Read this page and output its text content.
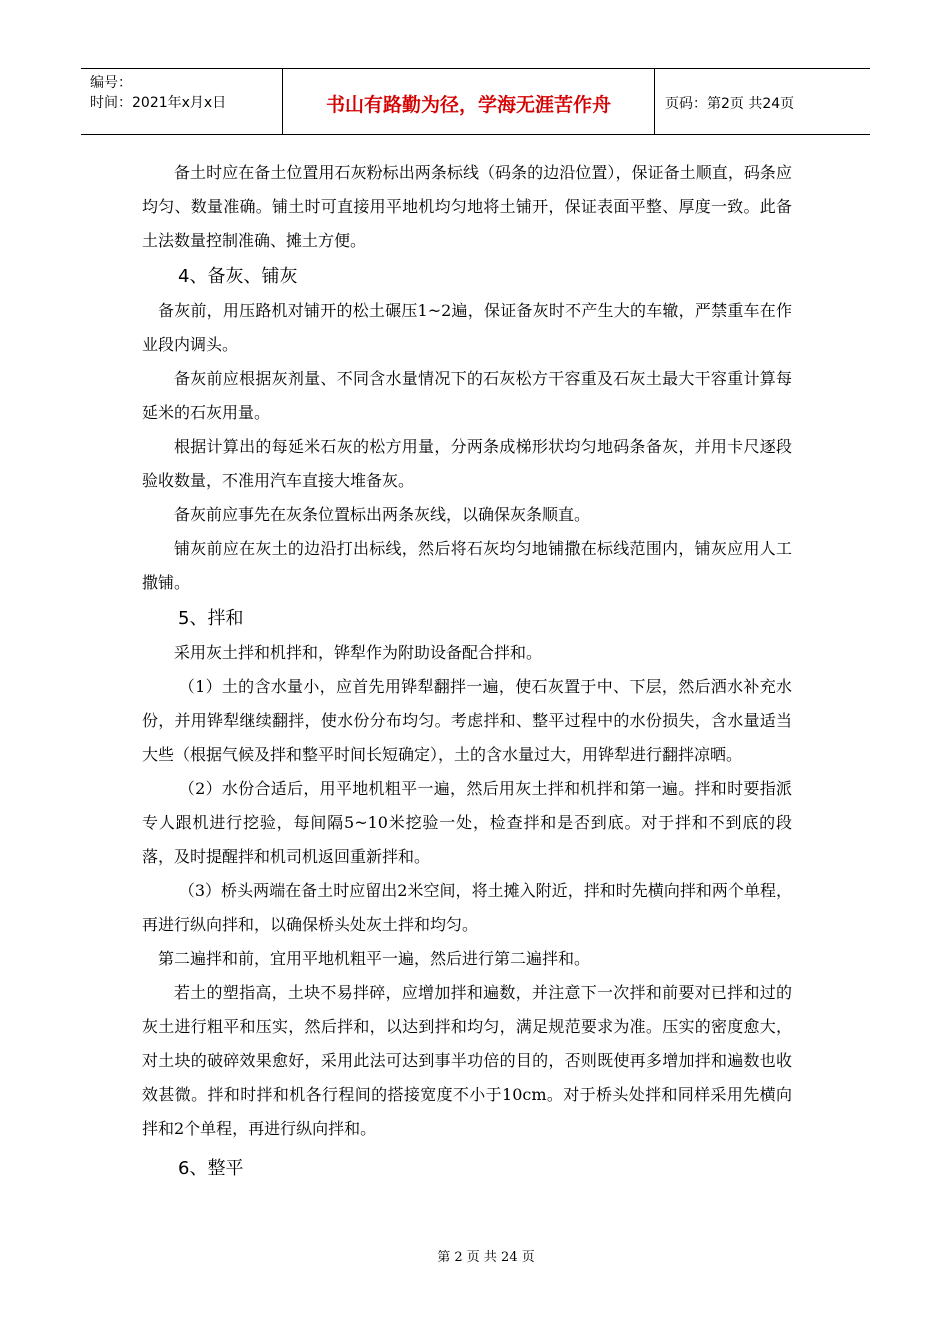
编号：
时间：2021年x月x日	书山有路勤为径，学海无涯苦作舟	页码：第2页 共24页

备土时应在备土位置用石灰粉标出两条标线（码条的边沿位置），保证备土顺直，码条应均匀、数量准确。铺土时可直接用平地机均匀地将土铺开，保证表面平整、厚度一致。此备土法数量控制准确、摊土方便。

4、备灰、铺灰

备灰前，用压路机对铺开的松土碾压1~2遍，保证备灰时不产生大的车辙，严禁重车在作业段内调头。

备灰前应根据灰剂量、不同含水量情况下的石灰松方干容重及石灰土最大干容重计算每延米的石灰用量。

根据计算出的每延米石灰的松方用量，分两条成梯形状均匀地码条备灰，并用卡尺逐段验收数量，不准用汽车直接大堆备灰。

备灰前应事先在灰条位置标出两条灰线，以确保灰条顺直。

铺灰前应在灰土的边沿打出标线，然后将石灰均匀地铺撒在标线范围内，铺灰应用人工撒铺。

5、拌和

采用灰土拌和机拌和，铧犁作为附助设备配合拌和。

（1）土的含水量小，应首先用铧犁翻拌一遍，使石灰置于中、下层，然后洒水补充水份，并用铧犁继续翻拌，使水份分布均匀。考虑拌和、整平过程中的水份损失，含水量适当大些（根据气候及拌和整平时间长短确定），土的含水量过大，用铧犁进行翻拌凉晒。

（2）水份合适后，用平地机粗平一遍，然后用灰土拌和机拌和第一遍。拌和时要指派专人跟机进行挖验，每间隔5~10米挖验一处，检查拌和是否到底。对于拌和不到底的段落，及时提醒拌和机司机返回重新拌和。

（3）桥头两端在备土时应留出2米空间，将土摊入附近，拌和时先横向拌和两个单程，再进行纵向拌和，以确保桥头处灰土拌和均匀。

第二遍拌和前，宜用平地机粗平一遍，然后进行第二遍拌和。

若土的塑指高，土块不易拌碎，应增加拌和遍数，并注意下一次拌和前要对已拌和过的灰土进行粗平和压实，然后拌和，以达到拌和均匀，满足规范要求为准。压实的密度愈大，对土块的破碎效果愈好，采用此法可达到事半功倍的目的，否则既使再多增加拌和遍数也收效甚微。拌和时拌和机各行程间的搭接宽度不小于10cm。对于桥头处拌和同样采用先横向拌和2个单程，再进行纵向拌和。

6、整平
第 2 页 共 24 页
